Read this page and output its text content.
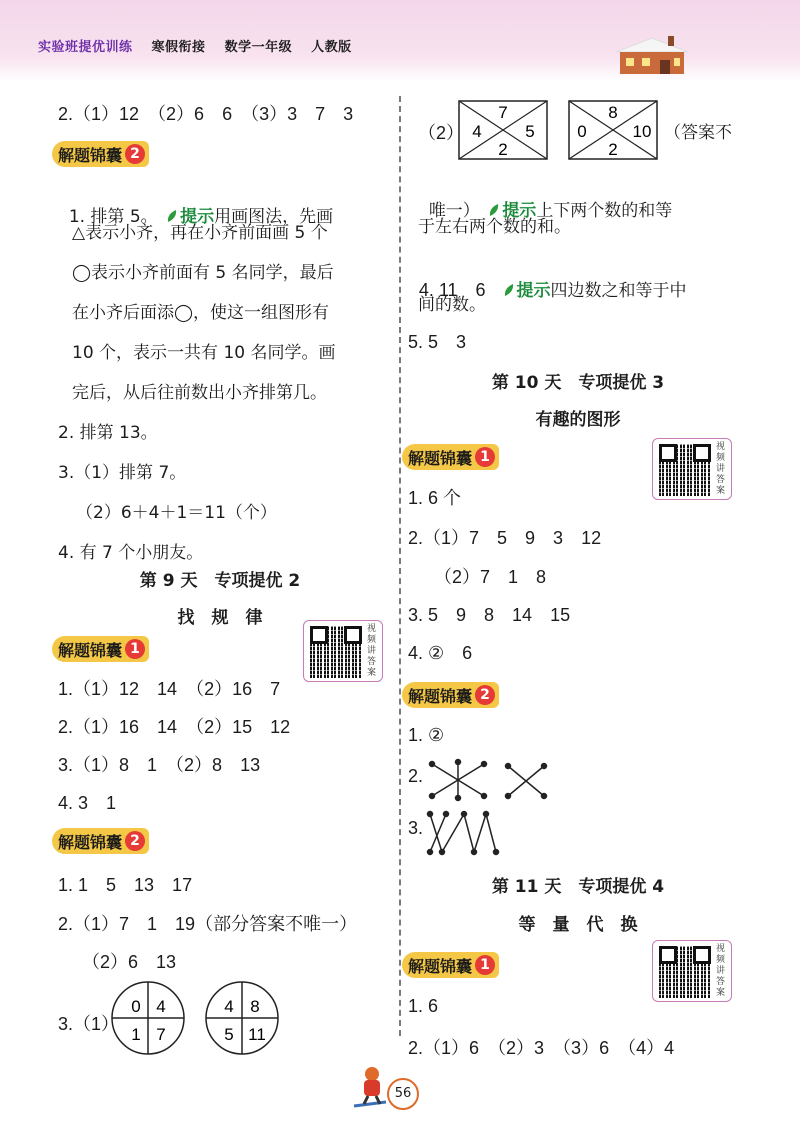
实验班提优训练 寒假衔接 数学一年级 人教版
2.（1）12　（2）6　6　（3）3　7　3
解题锦囊 2

1. 排第 5。　 提示用画图法，先画

△表示小齐，再在小齐前面画 5 个
◯表示小齐前面有 5 名同学，最后
在小齐后面添◯，使这一组图形有
10 个，表示一共有 10 名同学。画
完后，从后往前数出小齐排第几。
2. 排第 13。
3.（1）排第 7。
（2）6＋4＋1＝11（个）
4. 有 7 个小朋友。
第 9 天　专项提优 2
找　规　律
解题锦囊 1
视频讲答案
1.（1）12　14　（2）16　7
2.（1）16　14　（2）15　12
3.（1）8　1　（2）8　13
4. 3　1
解题锦囊 2
1. 1　5　13　17
2.（1）7　1　19（部分答案不唯一）
（2）6　13
3.（1）
0 4
1 7
4 8
5 11
（2）
7
4	5
2
8
0	10
2
（答案不

唯一）　 提示上下两个数的和等

于左右两个数的和。

4. 11　6　 提示四边数之和等于中

间的数。
5. 5　3
第 10 天　专项提优 3
有趣的图形
解题锦囊 1
视频讲答案
1. 6 个
2.（1）7　5　9　3　12
（2）7　1　8
3. 5　9　8　14　15
4. ②　6
解题锦囊 2
1. ②
2.
3.
第 11 天　专项提优 4
等　量　代　换
解题锦囊 1
视频讲答案
1. 6
2.（1）6　（2）3　（3）6　（4）4
56
